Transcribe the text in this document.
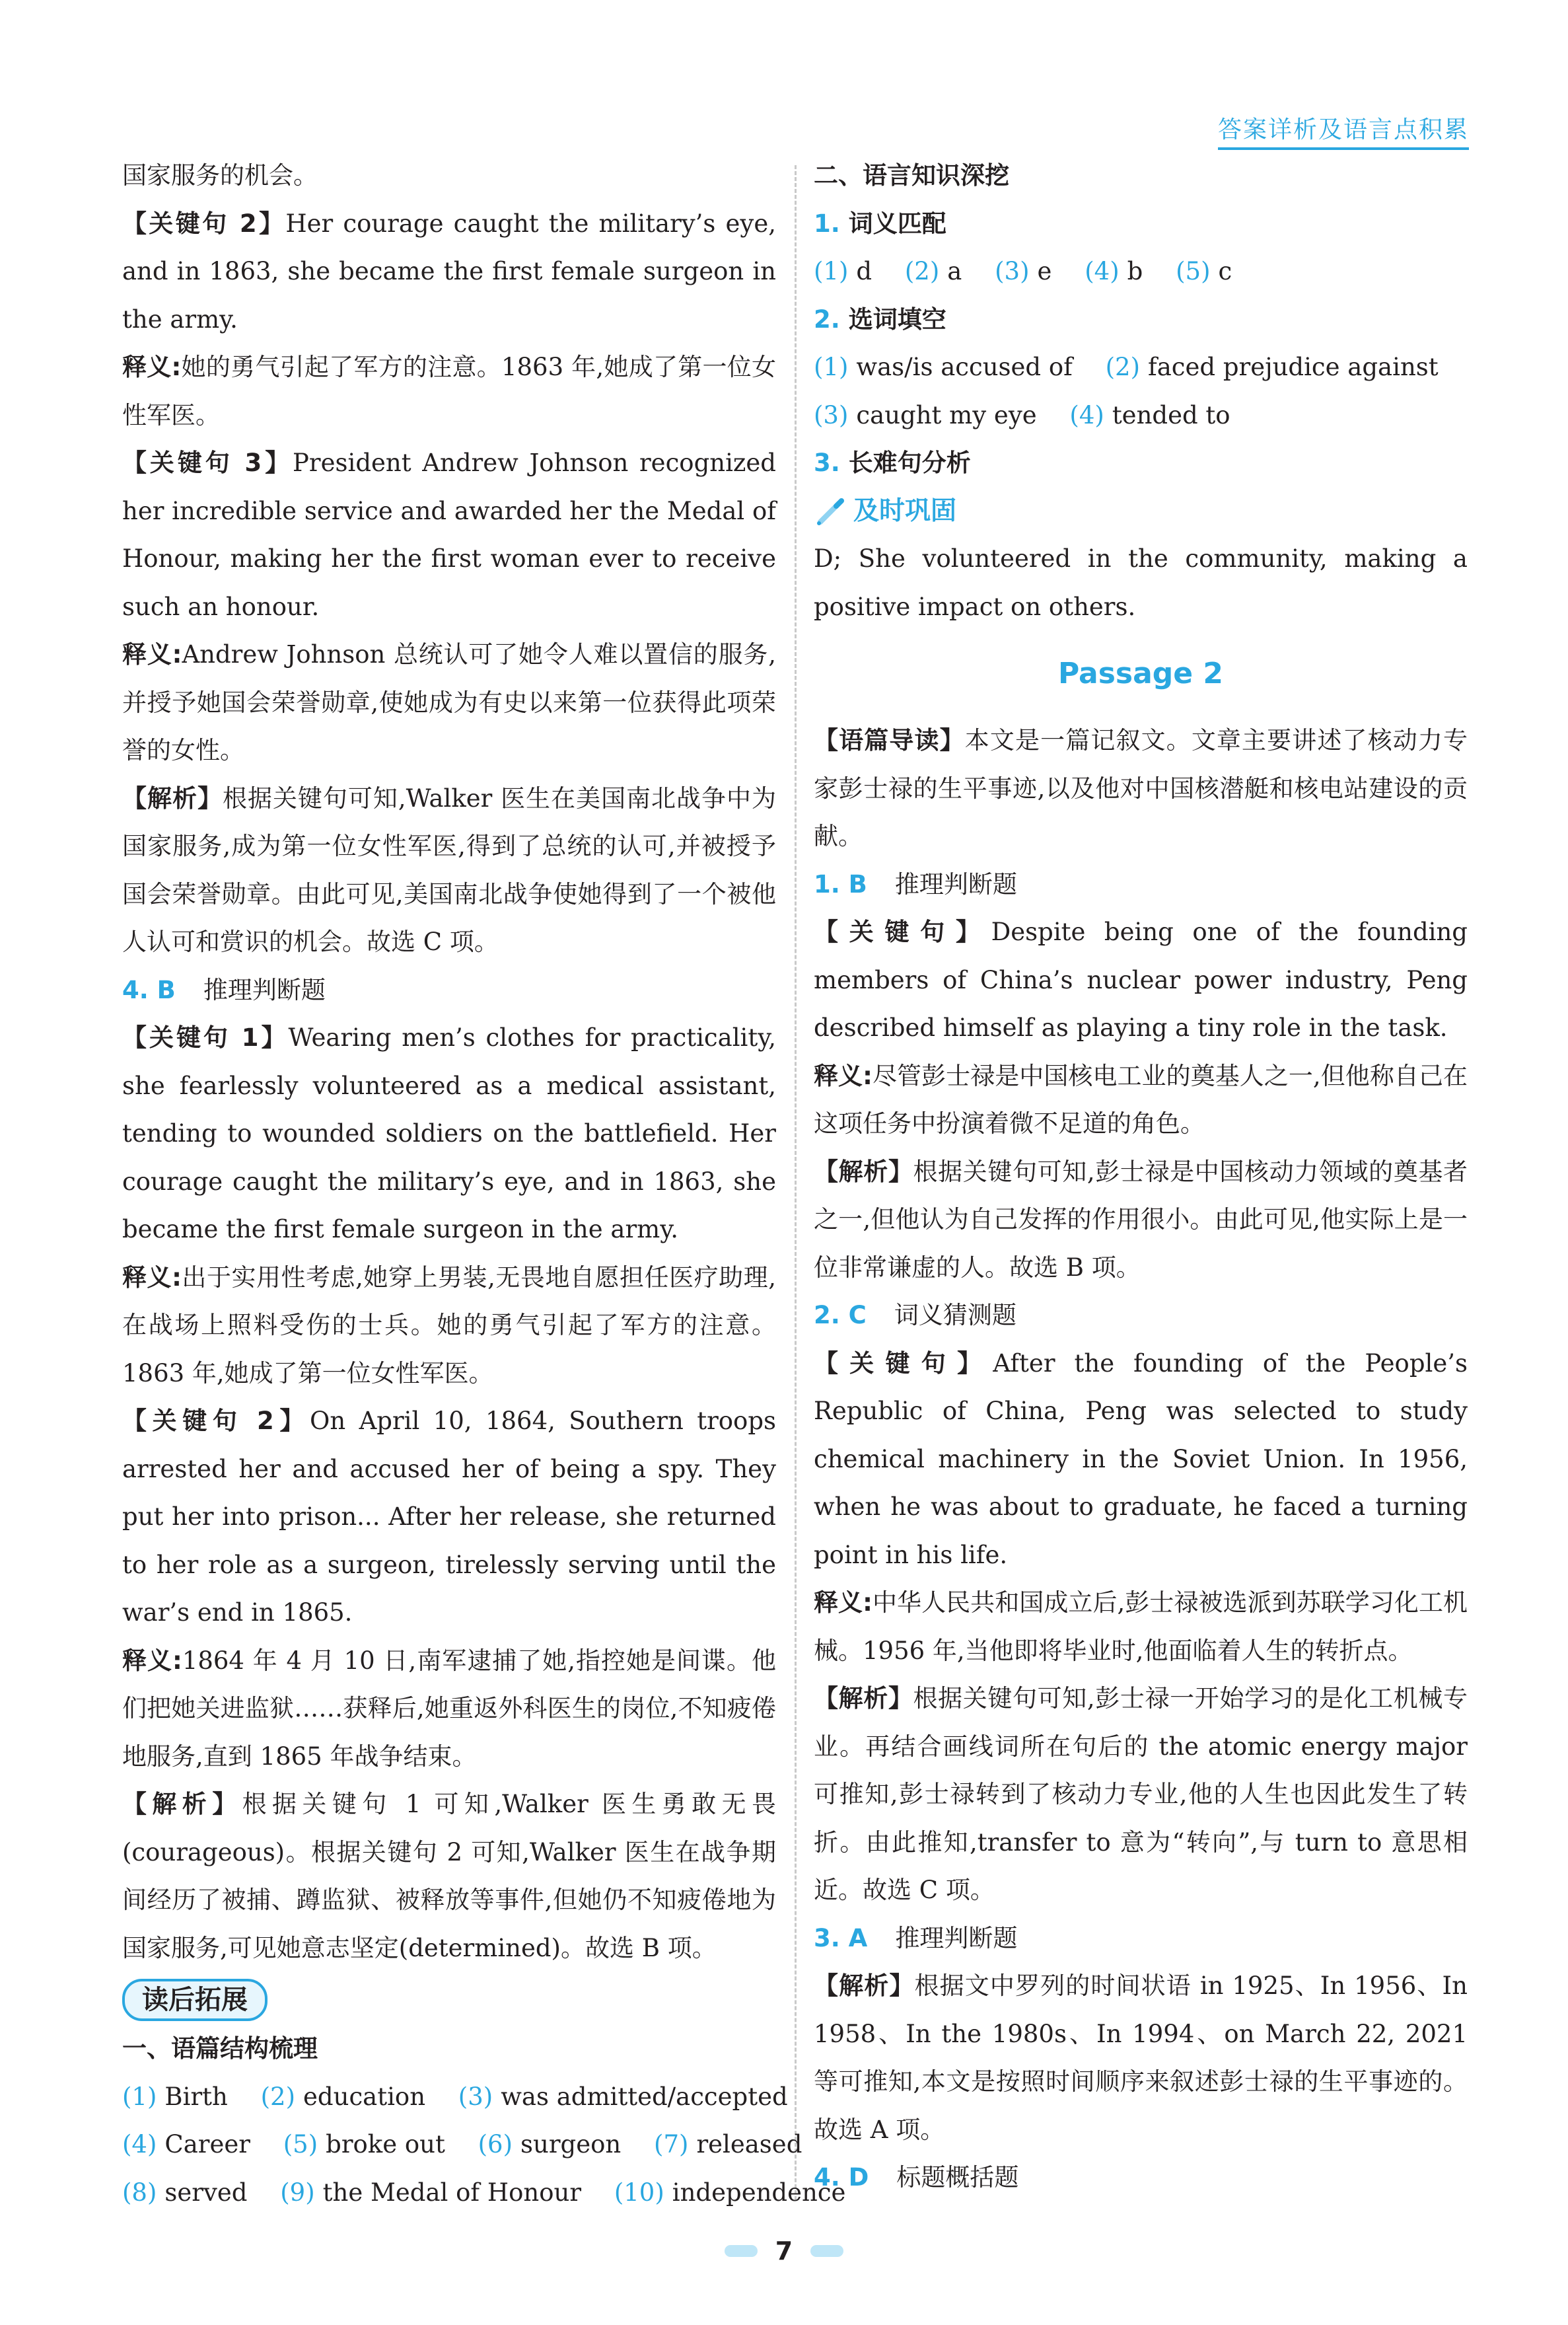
答案详析及语言点积累

国家服务的机会。

【关键句 2】Her courage caught the military’s eye, and in 1863, she became the first female surgeon in the army.

释义:她的勇气引起了军方的注意。1863 年,她成了第一位女性军医。

【关键句 3】President Andrew Johnson recognized her incredible service and awarded her the Medal of Honour, making her the first woman ever to receive such an honour.

释义:Andrew Johnson 总统认可了她令人难以置信的服务,并授予她国会荣誉勋章,使她成为有史以来第一位获得此项荣誉的女性。

【解析】根据关键句可知,Walker 医生在美国南北战争中为国家服务,成为第一位女性军医,得到了总统的认可,并被授予国会荣誉勋章。由此可见,美国南北战争使她得到了一个被他人认可和赏识的机会。故选 C 项。

4. B 推理判断题

【关键句 1】Wearing men’s clothes for practicality, she fearlessly volunteered as a medical assistant, tending to wounded soldiers on the battlefield. Her courage caught the military’s eye, and in 1863, she became the first female surgeon in the army.

释义:出于实用性考虑,她穿上男装,无畏地自愿担任医疗助理,在战场上照料受伤的士兵。她的勇气引起了军方的注意。1863 年,她成了第一位女性军医。

【关键句 2】On April 10, 1864, Southern troops arrested her and accused her of being a spy. They put her into prison... After her release, she returned to her role as a surgeon, tirelessly serving until the war’s end in 1865.

释义:1864 年 4 月 10 日,南军逮捕了她,指控她是间谍。他们把她关进监狱……获释后,她重返外科医生的岗位,不知疲倦地服务,直到 1865 年战争结束。

【解析】根据关键句 1 可知,Walker 医生勇敢无畏(courageous)。根据关键句 2 可知,Walker 医生在战争期间经历了被捕、蹲监狱、被释放等事件,但她仍不知疲倦地为国家服务,可见她意志坚定(determined)。故选 B 项。

读后拓展

一、语篇结构梳理

(1) Birth (2) education (3) was admitted/accepted

(4) Career (5) broke out (6) surgeon (7) released

(8) served (9) the Medal of Honour (10) independence

二、语言知识深挖

1. 词义匹配

(1) d (2) a (3) e (4) b (5) c

2. 选词填空

(1) was/is accused of (2) faced prejudice against

(3) caught my eye (4) tended to

3. 长难句分析

及时巩固

D; She volunteered in the community, making a positive impact on others.

Passage 2

【语篇导读】本文是一篇记叙文。文章主要讲述了核动力专家彭士禄的生平事迹,以及他对中国核潜艇和核电站建设的贡献。

1. B 推理判断题

【关键句】Despite being one of the founding members of China’s nuclear power industry, Peng described himself as playing a tiny role in the task.

释义:尽管彭士禄是中国核电工业的奠基人之一,但他称自己在这项任务中扮演着微不足道的角色。

【解析】根据关键句可知,彭士禄是中国核动力领域的奠基者之一,但他认为自己发挥的作用很小。由此可见,他实际上是一位非常谦虚的人。故选 B 项。

2. C 词义猜测题

【关键句】After the founding of the People’s Republic of China, Peng was selected to study chemical machinery in the Soviet Union. In 1956, when he was about to graduate, he faced a turning point in his life.

释义:中华人民共和国成立后,彭士禄被选派到苏联学习化工机械。1956 年,当他即将毕业时,他面临着人生的转折点。

【解析】根据关键句可知,彭士禄一开始学习的是化工机械专业。再结合画线词所在句后的 the atomic energy major 可推知,彭士禄转到了核动力专业,他的人生也因此发生了转折。由此推知,transfer to 意为“转向”,与 turn to 意思相近。故选 C 项。

3. A 推理判断题

【解析】根据文中罗列的时间状语 in 1925、In 1956、In 1958、In the 1980s、In 1994、on March 22, 2021 等可推知,本文是按照时间顺序来叙述彭士禄的生平事迹的。故选 A 项。

4. D 标题概括题

7
